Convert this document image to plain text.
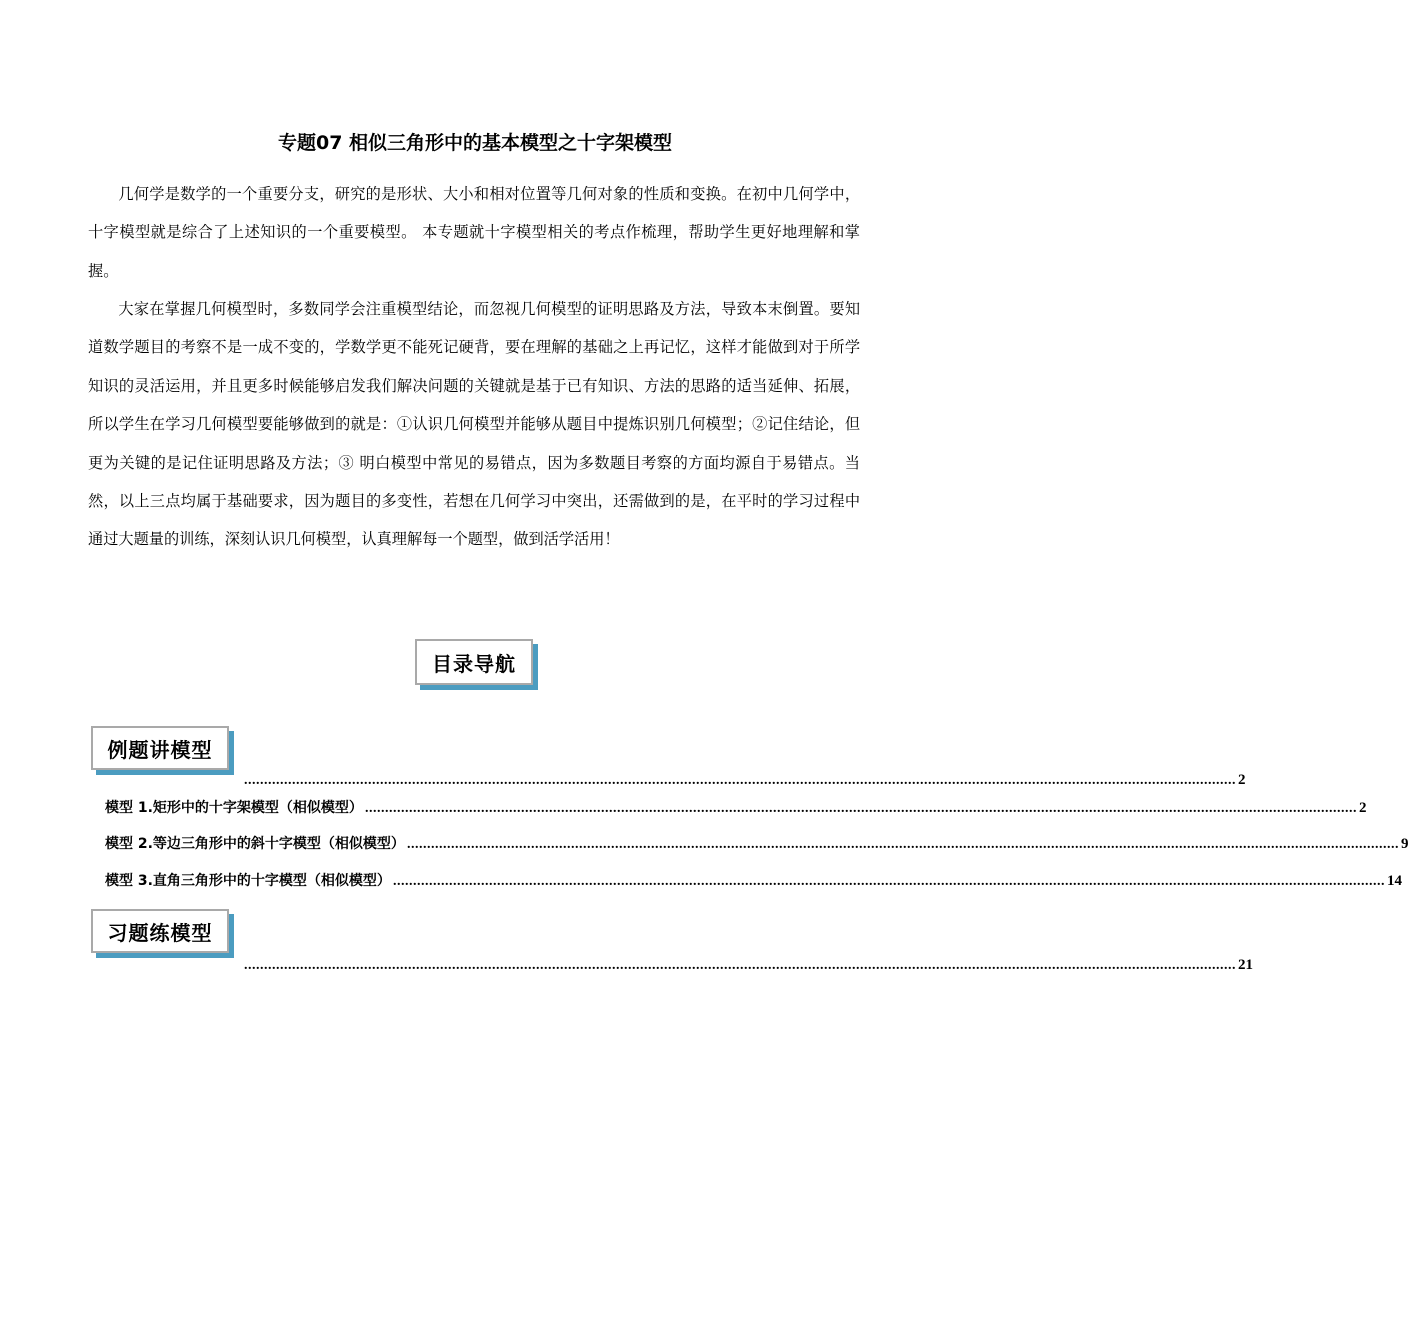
专题07 相似三角形中的基本模型之十字架模型

几何学是数学的一个重要分支，研究的是形状、大小和相对位置等几何对象的性质和变换。在初中几何学中，十字模型就是综合了上述知识的一个重要模型。 本专题就十字模型相关的考点作梳理，帮助学生更好地理解和掌握。

大家在掌握几何模型时，多数同学会注重模型结论，而忽视几何模型的证明思路及方法，导致本末倒置。要知道数学题目的考察不是一成不变的，学数学更不能死记硬背，要在理解的基础之上再记忆，这样才能做到对于所学知识的灵活运用，并且更多时候能够启发我们解决问题的关键就是基于已有知识、方法的思路的适当延伸、拓展，所以学生在学习几何模型要能够做到的就是：①认识几何模型并能够从题目中提炼识别几何模型；②记住结论，但更为关键的是记住证明思路及方法；③ 明白模型中常见的易错点，因为多数题目考察的方面均源自于易错点。当然，以上三点均属于基础要求，因为题目的多变性，若想在几何学习中突出，还需做到的是，在平时的学习过程中通过大题量的训练，深刻认识几何模型，认真理解每一个题型，做到活学活用！

目录导航
例题讲模型
........................................................................................................................................................................................................................................................ 2
模型 1.矩形中的十字架模型（相似模型） ........................................................................................................................................................................................................................................................ 2
模型 2.等边三角形中的斜十字模型（相似模型） ........................................................................................................................................................................................................................................................ 9
模型 3.直角三角形中的十字模型（相似模型） ........................................................................................................................................................................................................................................................ 14
习题练模型
........................................................................................................................................................................................................................................................ 21
